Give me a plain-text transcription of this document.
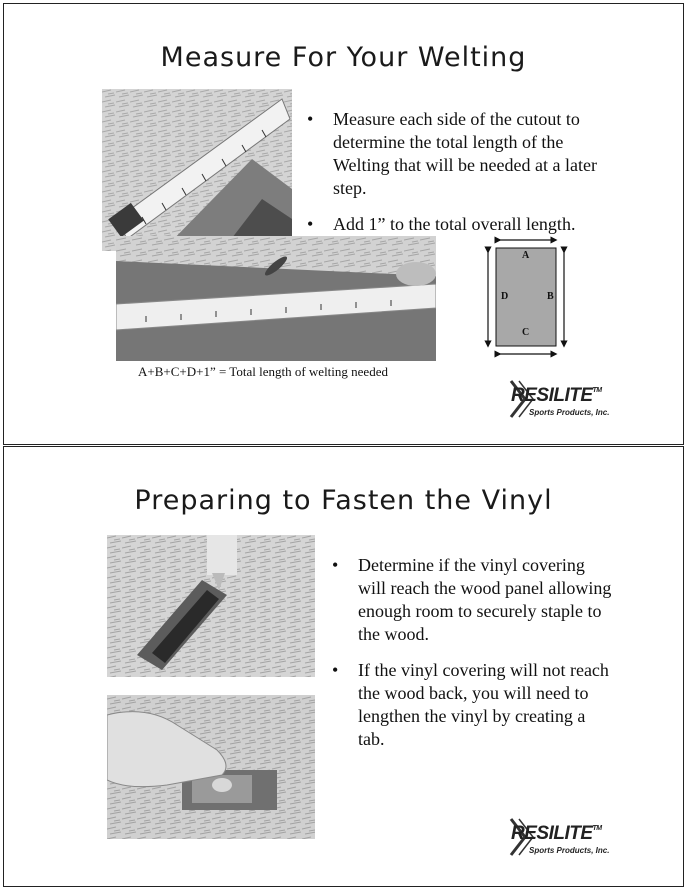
Measure For Your Welting
• Measure each side of the cutout to determine the total length of the Welting that will be needed at a later step.
• Add 1” to the total overall length.
A
D	B
C
A+B+C+D+1” = Total length of welting needed
RESILITE™
Sports Products, Inc.
Preparing to Fasten the Vinyl
• Determine if the vinyl covering will reach the wood panel allowing enough room to securely staple to the wood.
• If the vinyl covering will not reach the wood back, you will need to lengthen the vinyl by creating a tab.
RESILITE™
Sports Products, Inc.
